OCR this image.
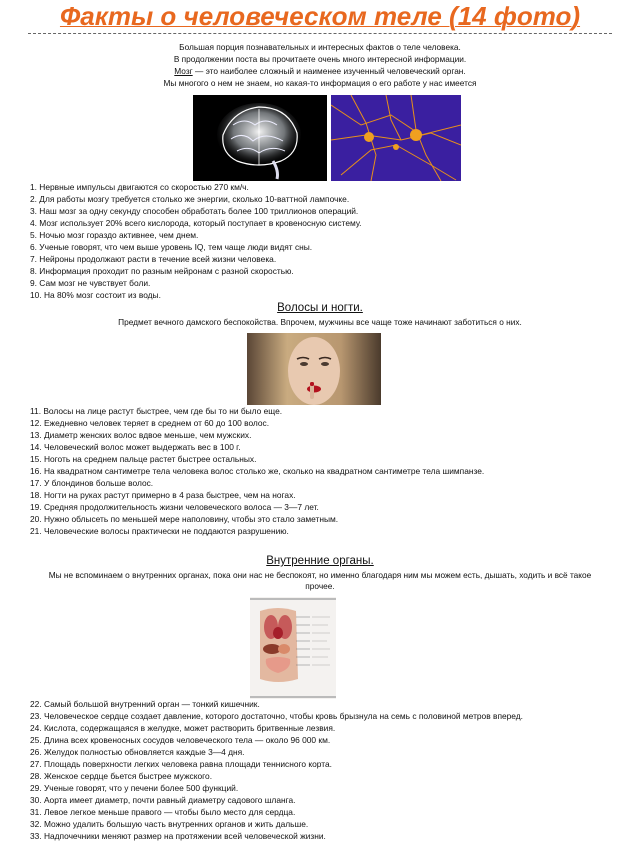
Факты о человеческом теле (14 фото)
Большая порция познавательных и интересных фактов о теле человека.
В продолжении поста вы прочитаете очень много интересной информации.
Мозг — это наиболее сложный и наименее изученный человеческий орган.
Мы многого о нем не знаем, но какая-то информация о его работе у нас имеется
1. Нервные импульсы двигаются со скоростью 270 км/ч.
2. Для работы мозгу требуется столько же энергии, сколько 10-ваттной лампочке.
3. Наш мозг за одну секунду способен обработать более 100 триллионов операций.
4. Мозг использует 20% всего кислорода, который поступает в кровеносную систему.
5. Ночью мозг гораздо активнее, чем днем.
6. Ученые говорят, что чем выше уровень IQ, тем чаще люди видят сны.
7. Нейроны продолжают расти в течение всей жизни человека.
8. Информация проходит по разным нейронам с разной скоростью.
9. Сам мозг не чувствует боли.
10. На 80% мозг состоит из воды.
Волосы и ногти.
Предмет вечного дамского беспокойства. Впрочем, мужчины все чаще тоже начинают заботиться о них.
11. Волосы на лице растут быстрее, чем где бы то ни было еще.
12. Ежедневно человек теряет в среднем от 60 до 100 волос.
13. Диаметр женских волос вдвое меньше, чем мужских.
14. Человеческий волос может выдержать вес в 100 г.
15. Ноготь на среднем пальце растет быстрее остальных.
16. На квадратном сантиметре тела человека волос столько же, сколько на квадратном сантиметре тела шимпанзе.
17. У блондинов больше волос.
18. Ногти на руках растут примерно в 4 раза быстрее, чем на ногах.
19. Средняя продолжительность жизни человеческого волоса — 3—7 лет.
20. Нужно облысеть по меньшей мере наполовину, чтобы это стало заметным.
21. Человеческие волосы практически не поддаются разрушению.
Внутренние органы.
Мы не вспоминаем о внутренних органах, пока они нас не беспокоят, но именно благодаря ним мы можем есть, дышать, ходить и всё такое
прочее.
22. Самый большой внутренний орган — тонкий кишечник.
23. Человеческое сердце создает давление, которого достаточно, чтобы кровь брызнула на семь с половиной метров вперед.
24. Кислота, содержащаяся в желудке, может растворить бритвенные лезвия.
25. Длина всех кровеносных сосудов человеческого тела — около 96 000 км.
26. Желудок полностью обновляется каждые 3—4 дня.
27. Площадь поверхности легких человека равна площади теннисного корта.
28. Женское сердце бьется быстрее мужского.
29. Ученые говорят, что у печени более 500 функций.
30. Аорта имеет диаметр, почти равный диаметру садового шланга.
31. Левое легкое меньше правого — чтобы было место для сердца.
32. Можно удалить большую часть внутренних органов и жить дальше.
33. Надпочечники меняют размер на протяжении всей человеческой жизни.
